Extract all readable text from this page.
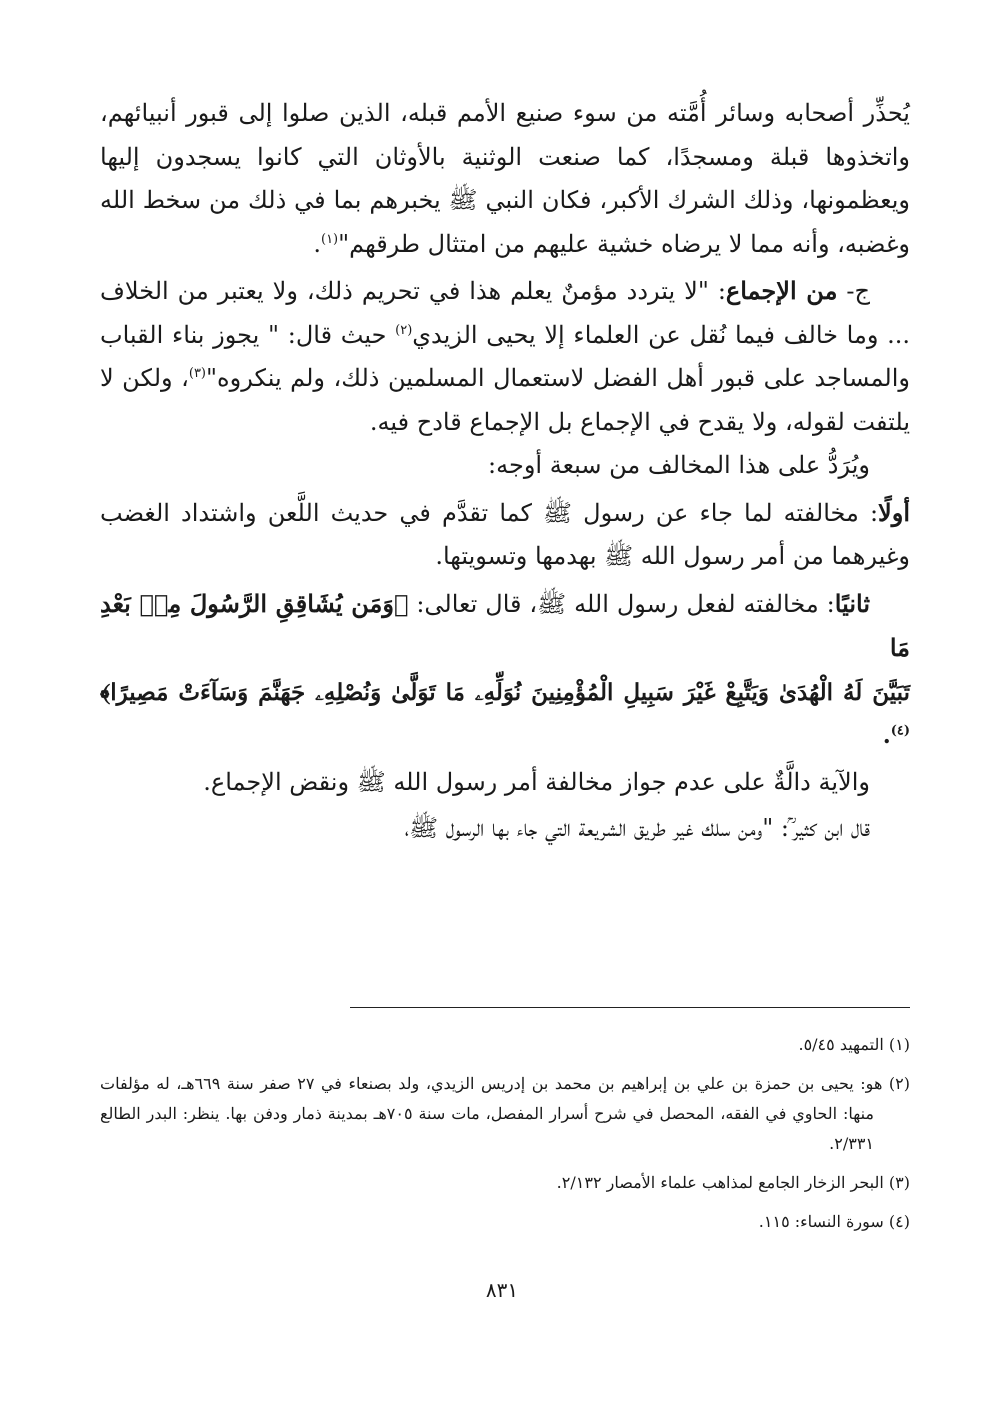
يُحذِّر أصحابه وسائر أُمَّته من سوء صنيع الأمم قبله، الذين صلوا إلى قبور أنبيائهم، واتخذوها قبلة ومسجدًا، كما صنعت الوثنية بالأوثان التي كانوا يسجدون إليها ويعظمونها، وذلك الشرك الأكبر، فكان النبي ﷺ يخبرهم بما في ذلك من سخط الله وغضبه، وأنه مما لا يرضاه خشية عليهم من امتثال طرقهم"$^{(١)}$.

ج- من الإجماع: "لا يتردد مؤمنٌ يعلم هذا في تحريم ذلك، ولا يعتبر من الخلاف ... وما خالف فيما نُقل عن العلماء إلا يحيى الزيدي$^{(٢)}$ حيث قال: " يجوز بناء القباب والمساجد على قبور أهل الفضل لاستعمال المسلمين ذلك، ولم ينكروه"$^{(٣)}$، ولكن لا يلتفت لقوله، ولا يقدح في الإجماع بل الإجماع قادح فيه.

ويُرَدُّ على هذا المخالف من سبعة أوجه:

أولًا: مخالفته لما جاء عن رسول ﷺ كما تقدَّم في حديث اللَّعن واشتداد الغضب وغيرهما من أمر رسول الله ﷺ بهدمها وتسويتها.

ثانيًا: مخالفته لفعل رسول الله ﷺ، قال تعالى: ﴿وَمَن يُشَاقِقِ الرَّسُولَ مِنۢ بَعْدِ مَا

تَبَيَّنَ لَهُ الْهُدَىٰ وَيَتَّبِعْ غَيْرَ سَبِيلِ الْمُؤْمِنِينَ نُوَلِّهِۦ مَا تَوَلَّىٰ وَنُصْلِهِۦ جَهَنَّمَ وَسَآءَتْ مَصِيرًا﴾$^{(٤)}$.

والآية دالَّةٌ على عدم جواز مخالفة أمر رسول الله ﷺ ونقض الإجماع.

قال ابن كثير ؒ: "ومن سلك غير طريق الشريعة التي جاء بها الرسول ﷺ،

(١) التمهيد ٥/٤٥.

(٢) هو: يحيى بن حمزة بن علي بن إبراهيم بن محمد بن إدريس الزيدي، ولد بصنعاء في ٢٧ صفر سنة ٦٦٩هـ، له مؤلفات منها: الحاوي في الفقه، المحصل في شرح أسرار المفصل، مات سنة ٧٠٥هـ بمدينة ذمار ودفن بها. ينظر: البدر الطالع ٢/٣٣١.

(٣) البحر الزخار الجامع لمذاهب علماء الأمصار ٢/١٣٢.

(٤) سورة النساء: ١١٥.

٨٣١
